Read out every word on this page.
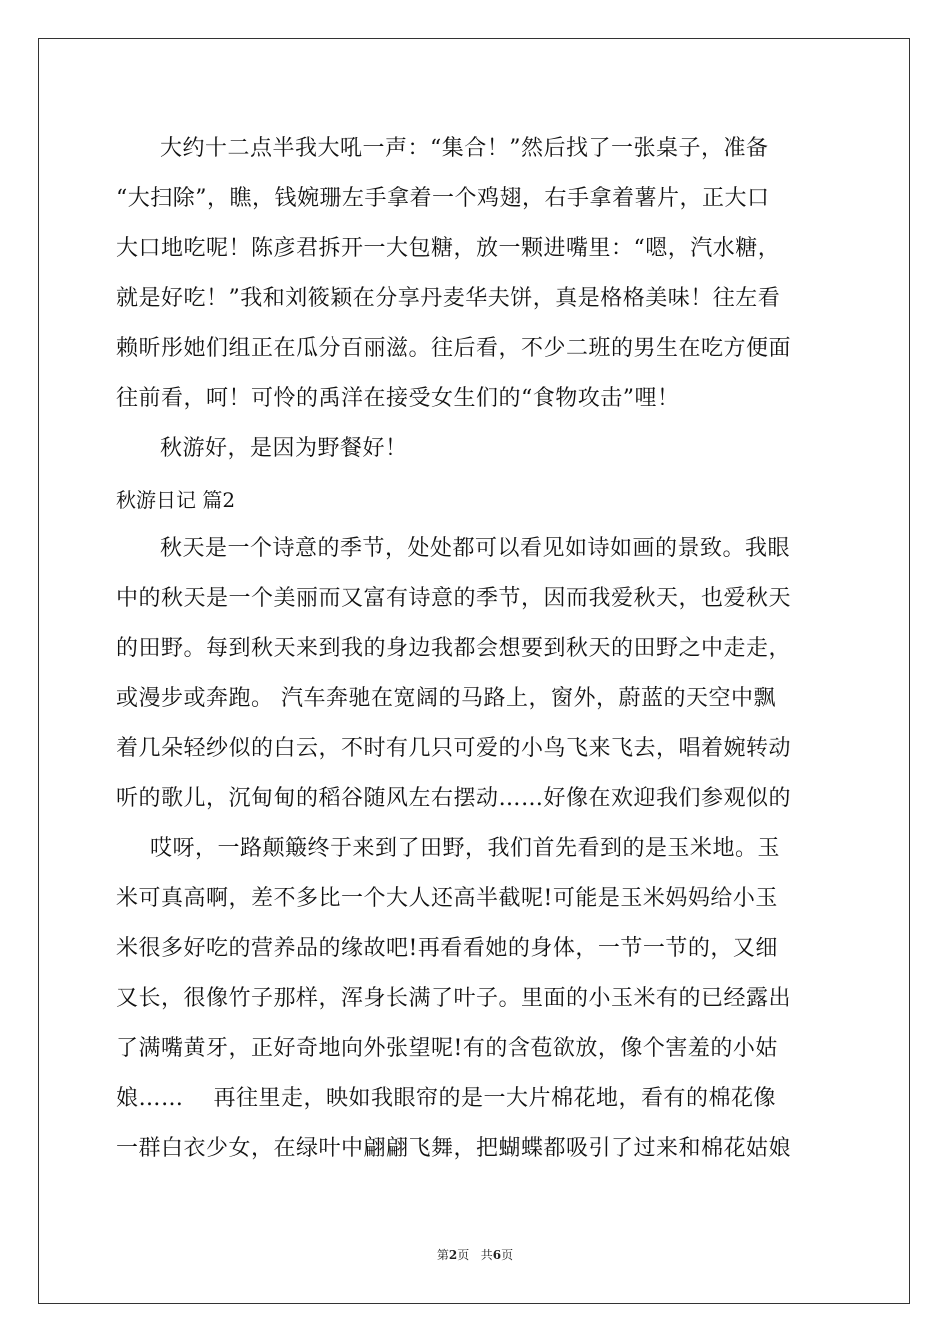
大约十二点半我大吼一声：“集合！”然后找了一张桌子，准备
“大扫除”，瞧，钱婉珊左手拿着一个鸡翅，右手拿着薯片，正大口
大口地吃呢！陈彦君拆开一大包糖，放一颗进嘴里：“嗯，汽水糖，
就是好吃！”我和刘筱颖在分享丹麦华夫饼，真是格格美味！往左看
赖昕彤她们组正在瓜分百丽滋。往后看，不少二班的男生在吃方便面
往前看，呵！可怜的禹洋在接受女生们的“食物攻击”哩！
秋游好，是因为野餐好！
秋游日记 篇2
秋天是一个诗意的季节，处处都可以看见如诗如画的景致。我眼
中的秋天是一个美丽而又富有诗意的季节，因而我爱秋天，也爱秋天
的田野。每到秋天来到我的身边我都会想要到秋天的田野之中走走，
或漫步或奔跑。 汽车奔驰在宽阔的马路上，窗外，蔚蓝的天空中飘
着几朵轻纱似的白云，不时有几只可爱的小鸟飞来飞去，唱着婉转动
听的歌儿，沉甸甸的稻谷随风左右摆动……好像在欢迎我们参观似的
哎呀，一路颠簸终于来到了田野，我们首先看到的是玉米地。玉
米可真高啊，差不多比一个大人还高半截呢!可能是玉米妈妈给小玉
米很多好吃的营养品的缘故吧!再看看她的身体，一节一节的，又细
又长，很像竹子那样，浑身长满了叶子。里面的小玉米有的已经露出
了满嘴黄牙，正好奇地向外张望呢!有的含苞欲放，像个害羞的小姑
娘……    再往里走，映如我眼帘的是一大片棉花地，看有的棉花像
一群白衣少女，在绿叶中翩翩飞舞，把蝴蝶都吸引了过来和棉花姑娘
第2页 共6页
